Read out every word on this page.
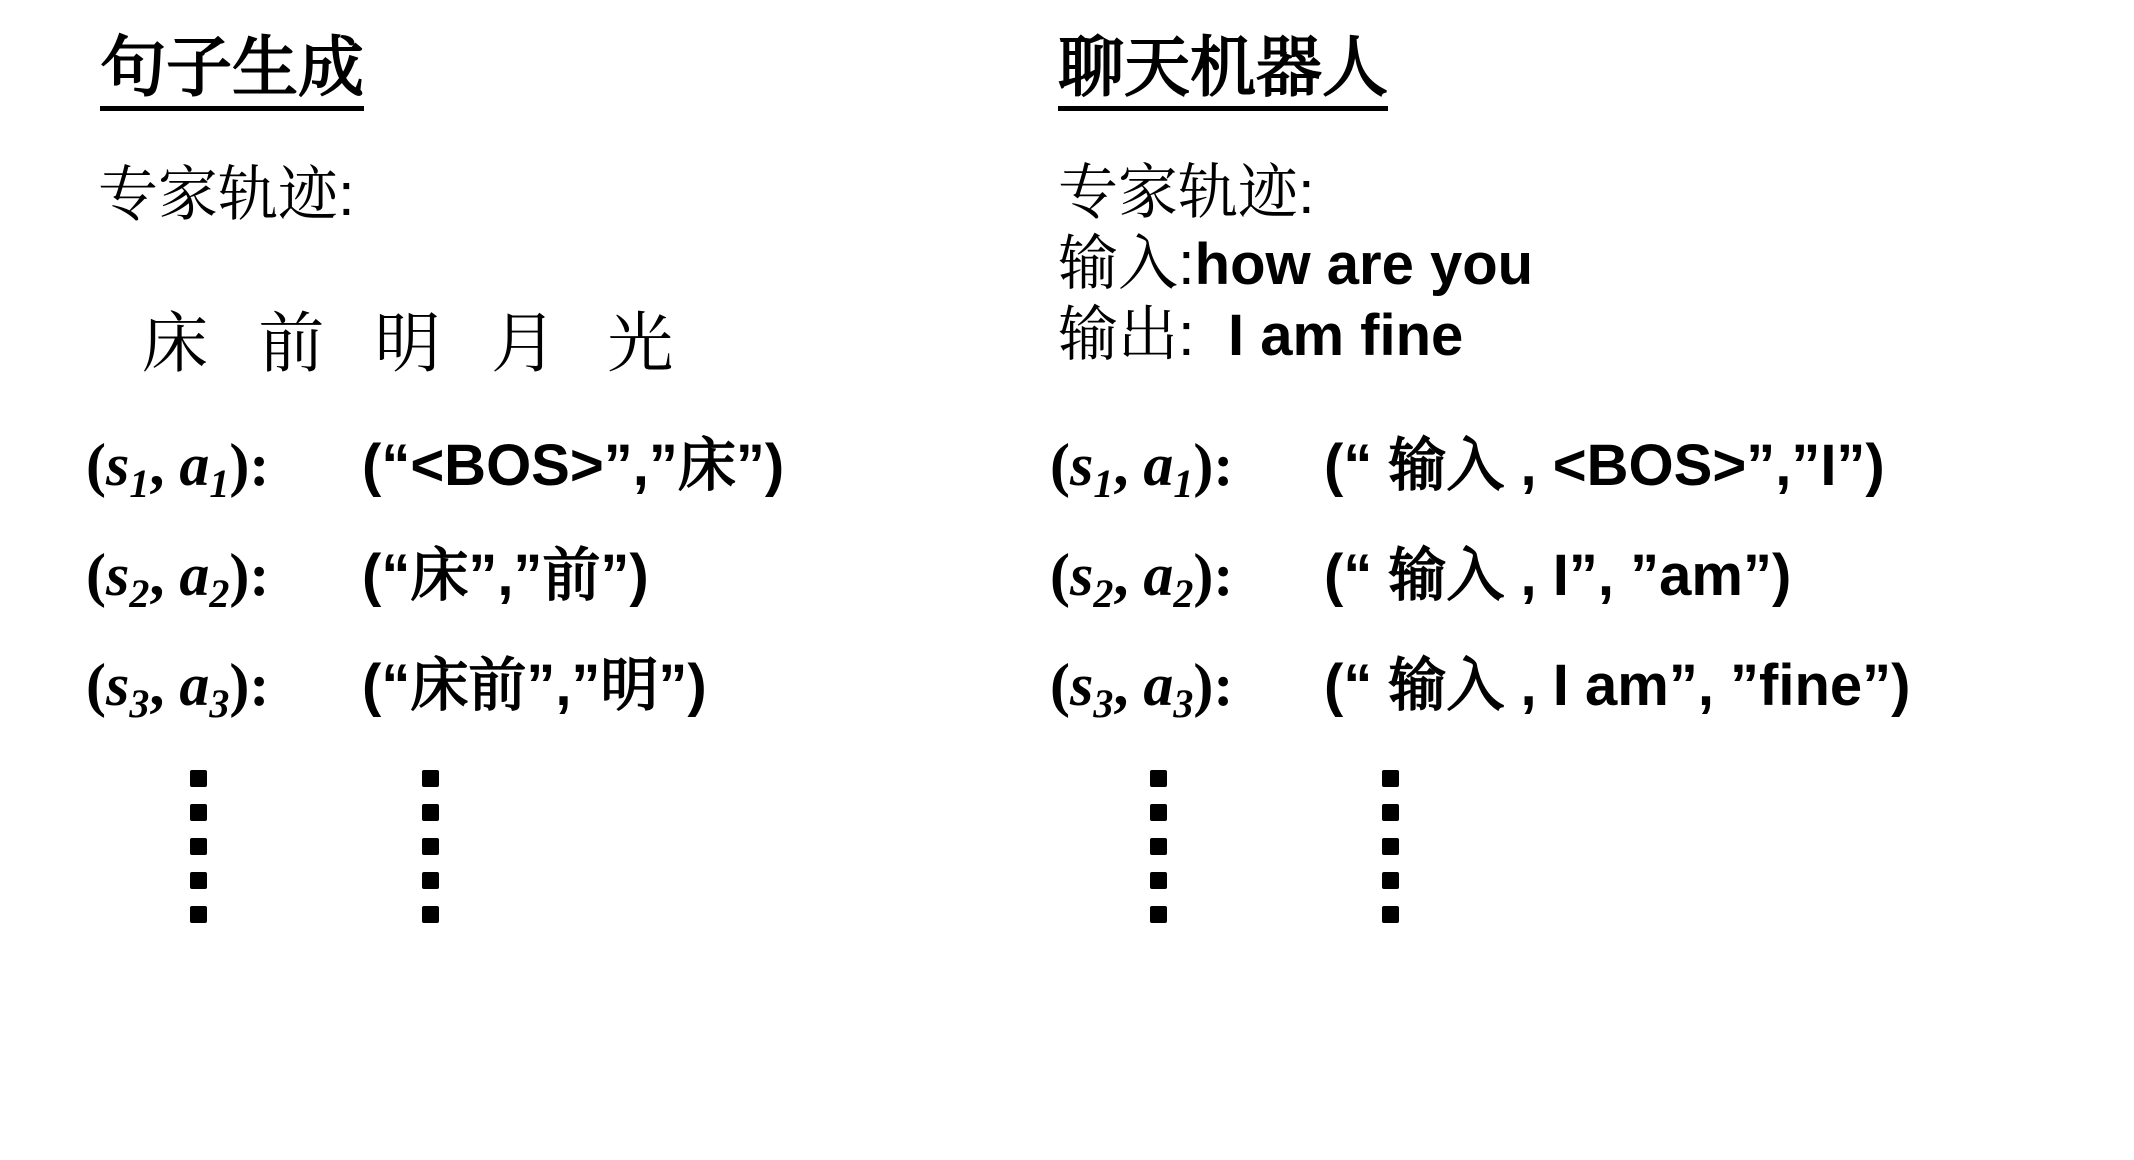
句子生成
专家轨迹:
床 前 明 月 光
($s_1$, $a_1$):	(“<BOS>”,”床”)
($s_2$, $a_2$):	(“床”,”前”)
($s_3$, $a_3$):	(“床前”,”明”)
聊天机器人
专家轨迹:
输入:how are you
输出: I am fine
($s_1$, $a_1$):	(“ 输入 , <BOS>”,”I”)
($s_2$, $a_2$):	(“ 输入 , I”, ”am”)
($s_3$, $a_3$):	(“ 输入 , I am”, ”fine”)
